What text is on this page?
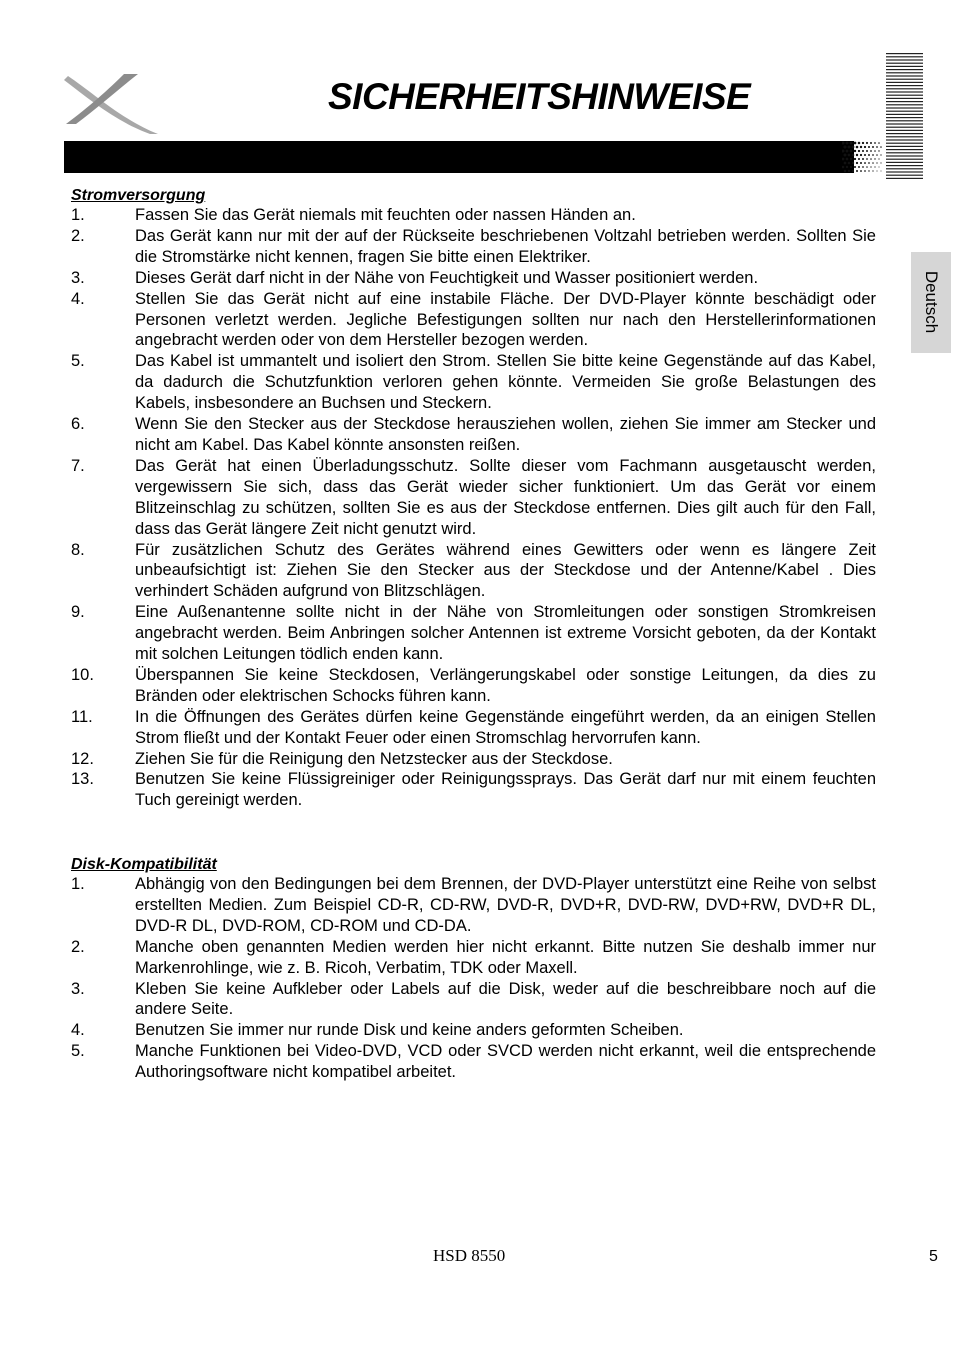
SICHERHEITSHINWEISE
Deutsch
Stromversorgung
1.	Fassen Sie das Gerät niemals mit feuchten oder nassen Händen an.
2.	Das Gerät kann nur mit der auf der Rückseite beschriebenen Voltzahl betrieben werden. Sollten Sie die Stromstärke nicht kennen, fragen Sie bitte einen Elektriker.
3.	Dieses Gerät darf nicht in der Nähe von Feuchtigkeit und Wasser positioniert werden.
4.	Stellen Sie das Gerät nicht auf eine instabile Fläche. Der DVD-Player könnte beschädigt oder Personen verletzt werden. Jegliche Befestigungen sollten nur nach den Herstellerinformationen angebracht werden oder von dem Hersteller bezogen werden.
5.	Das Kabel ist ummantelt und isoliert den Strom. Stellen Sie bitte keine Gegenstände auf das Kabel, da dadurch die Schutzfunktion verloren gehen könnte. Vermeiden Sie große Belastungen des Kabels, insbesondere an Buchsen und Steckern.
6.	Wenn Sie den Stecker aus der Steckdose herausziehen wollen, ziehen Sie immer am Stecker und nicht am Kabel. Das Kabel könnte ansonsten reißen.
7.	Das Gerät hat einen Überladungsschutz. Sollte dieser vom Fachmann ausgetauscht werden, vergewissern Sie sich, dass das Gerät wieder sicher funktioniert. Um das Gerät vor einem Blitzeinschlag zu schützen, sollten Sie es aus der Steckdose entfernen. Dies gilt auch für den Fall, dass das Gerät längere Zeit nicht genutzt wird.
8.	Für zusätzlichen Schutz des Gerätes während eines Gewitters oder wenn es längere Zeit unbeaufsichtigt ist: Ziehen Sie den Stecker aus der Steckdose und der Antenne/Kabel . Dies verhindert Schäden aufgrund von Blitzschlägen.
9.	Eine Außenantenne sollte nicht in der Nähe von Stromleitungen oder sonstigen Stromkreisen angebracht werden. Beim Anbringen solcher Antennen ist extreme Vorsicht geboten, da der Kontakt mit solchen Leitungen tödlich enden kann.
10. Überspannen Sie keine Steckdosen, Verlängerungskabel oder sonstige Leitungen, da dies zu Bränden oder elektrischen Schocks führen kann.
11.	In die Öffnungen des Gerätes dürfen keine Gegenstände eingeführt werden, da an einigen Stellen Strom fließt und der Kontakt Feuer oder einen Stromschlag hervorrufen kann.
12. Ziehen Sie für die Reinigung den Netzstecker aus der Steckdose.
13. Benutzen Sie keine Flüssigreiniger oder Reinigungssprays. Das Gerät darf nur mit einem feuchten Tuch gereinigt werden.
Disk-Kompatibilität
1.	Abhängig von den Bedingungen bei dem Brennen, der DVD-Player unterstützt eine Reihe von selbst erstellten Medien. Zum Beispiel CD-R, CD-RW, DVD-R, DVD+R, DVD-RW, DVD+RW, DVD+R DL, DVD-R DL, DVD-ROM, CD-ROM und CD-DA.
2.	Manche oben genannten Medien werden hier nicht erkannt. Bitte nutzen Sie deshalb immer nur Markenrohlinge, wie z. B. Ricoh, Verbatim, TDK oder Maxell.
3.	Kleben Sie keine Aufkleber oder Labels auf die Disk, weder auf die beschreibbare noch auf die andere Seite.
4.	Benutzen Sie immer nur runde Disk und keine anders geformten Scheiben.
5.	Manche Funktionen bei Video-DVD, VCD oder SVCD werden nicht erkannt, weil die entsprechende Authoringsoftware nicht kompatibel arbeitet.
HSD 8550	5
